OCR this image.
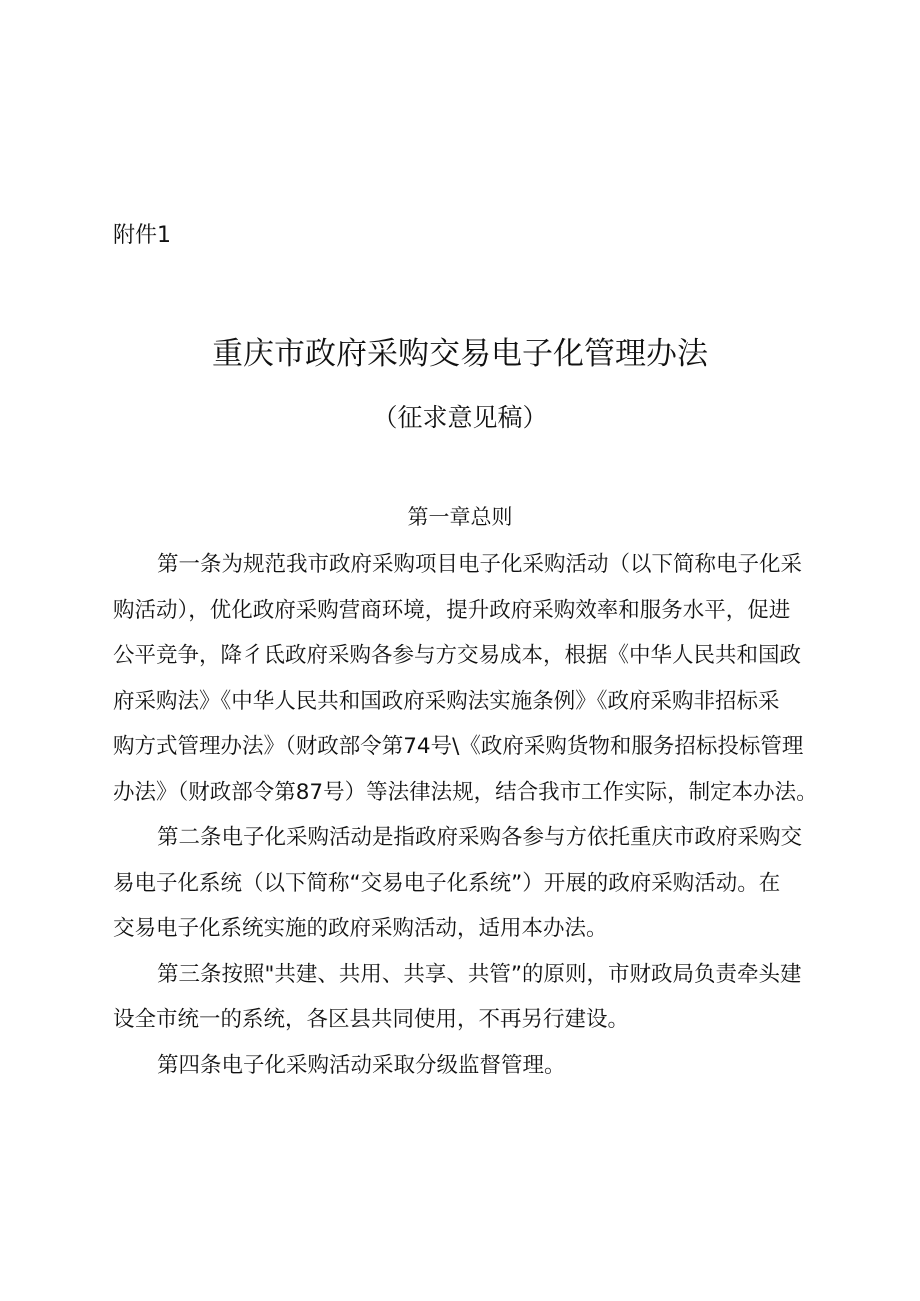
附件1
重庆市政府采购交易电子化管理办法
（征求意见稿）
第一章总则
第一条为规范我市政府采购项目电子化采购活动（以下简称电子化采
购活动），优化政府采购营商环境，提升政府采购效率和服务水平，促进
公平竞争，降彳氐政府采购各参与方交易成本，根据《中华人民共和国政
府采购法》《中华人民共和国政府采购法实施条例》《政府采购非招标采
购方式管理办法》（财政部令第74号\《政府采购货物和服务招标投标管理
办法》（财政部令第87号）等法律法规，结合我市工作实际，制定本办法。
第二条电子化采购活动是指政府采购各参与方依托重庆市政府采购交
易电子化系统（以下简称“交易电子化系统”）开展的政府采购活动。在
交易电子化系统实施的政府采购活动，适用本办法。
第三条按照"共建、共用、共享、共管”的原则，市财政局负责牵头建
设全市统一的系统，各区县共同使用，不再另行建设。
第四条电子化采购活动采取分级监督管理。
